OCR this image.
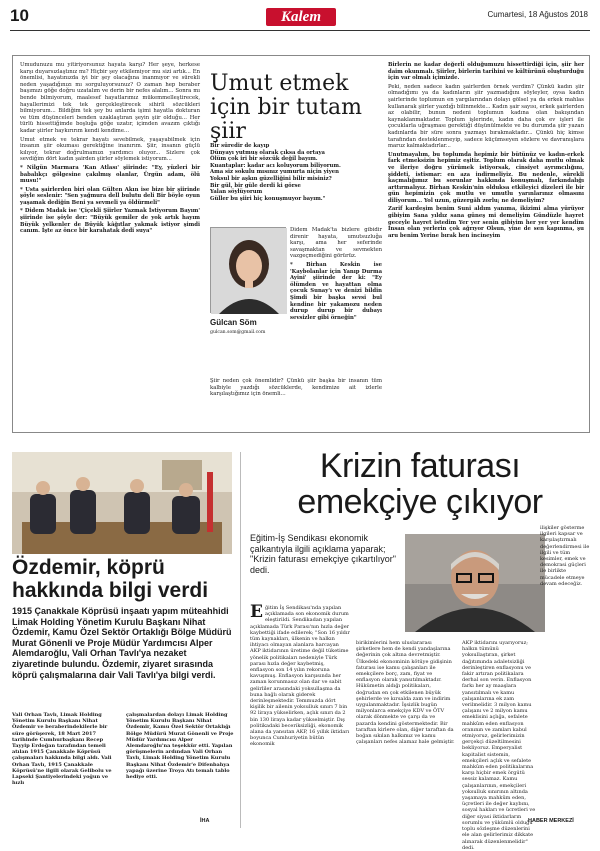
10	Kalem	Cumartesi, 18 Ağustos 2018

Umudunuzu mu yitiriyorsunuz hayata karşı? Her şeye, herkese karşı duyarsızlaştınız mı? Hiçbir şey etkilemiyor mu sizi artık... En önemlisi, hayatınızda iyi bir şey olacağına inanmıyor ve sürekli neden yaşadığınızı mı sorguluyorsunuz? O zaman hep beraber başımızı göğe doğru uzatalım ve derin bir nefes alalım... Sonra mı bende bilmiyorum, maalesef hayatlarımız mükemmelleştirecek, hayallerimizi tek tek gerçekleştirecek sihirli sözcükleri bilmiyorum... Bildiğim tek şey bu anlarda işimi hayatla dokturan ve tüm düşünceleri benden uzaklaştıran şeyin şiir olduğu... Her türlü hissettiğimde boşluğa göğe uzatır, içimden avazım çıktığı kadar şiirler haykırırım kendi kendime...

Umut etmek ve tekrar hayatı sevebilmek, yaşayabilmek için insanın şiir okuması gerektiğine inanırım. Şiir, insanın güçlü kılıyor, tekrar doğrulmamızı yardımcı oluyor... Sizlere çok sevdiğim dört kadın şairden şiirler söylemek istiyorum...

* Nilgün Marmara 'Kan Atlası' şiirinde: "Ey, yüzleri bir babalıkçı gölgesine çakılmış olanlar, Ürgün adam, ölü musu!"

* Usta şairlerden biri olan Gülten Akın ise bize bir şiirinde şöyle seslenir: "Sen yağmura dell bulutu deli Bir böyle oyun yaşamak dediğin Beni ya sevmeli ya öldürmeli"

* Didem Madak ise 'Çiçekli Şiirler Yazmak İstiyorum Bayım' şiirinde ise şöyle der: "Büyük gemiler de yok artık hayım Büyük yelkenler de Büyük kâğıtlar yakmak istiyor şimdi canım. İşte az önce bir karahatak dedi suya"

Umut etmek için bir tutam şiir
Bir süredir de kayıp
Dünyayı yutmuş olarak çıksa da ortaya
Ölüm çok iri bir sözcük değil bayım.
Kuantaplar: kadar acı koluyorum biliyorum.
Ama siz sokulu mısınız yumurta niçin yiyen
Yoksul bir aşkın güzelliğini bilir misiniz?
Bir gül, bir güle derdi ki görse
Yalan söylüyorum
Güller bu şiiri hiç konuşmuyor bayım."
Gülcan Söm
gulcan.som@gmail.com

Didem Madak'ta bizlere gibidir direnir hayata, umutsuzluğa karşı, ama her seferinde savaşmaktan ve sevmekten vazgeçmediğini görürüz.

* Birhan Keskin ise 'Kaybolanlar için Yanıp Durma Ayini' şiirinde der ki: "Ey ölümden ve hayattan olma çocuk Sunay'ı ve denizi bildin Şimdi bir başka sevsi bul kendine bir yakamozu neden durup durup bir dubayı sevsizler gibi örneğin"

Şiir neden çok önemlidir? Çünkü şiir başka bir insanın tüm kalbiyle yazdığı sözcüklerde, kendimize ait izlerle karşılaştığımız için önemli...

Birlerin ne kadar değerli olduğumuzu hissettirdiği için, şiir her daim okunmalı. Şiirler, birlerin tarihini ve kültürünü oluşturduğu için var olmalı içimizde.

Peki, neden sadece kadın şairlerden örnek verdim? Çünkü kadın şiir olmadığımı ya da kadınların şiir yazmadığını söyleyler, oysa kadın şairlerinde toplumun en yargılarından dolayı gölsel ya da erkek mahlas kullanarak şiirler yazdığı bilinmekte... Kadın şair sayısı, erkek şairlerden az olabilir, bunun nedeni toplumun kadına olan bakışından kaynaklanmaktadır. Toplum işlerinde, kadın daha çok ev işleri ile çocuklarla uğraşması gerektiği düşünülmekte ve bu durumda şiir yazan kadınlarda bir süre sonra yazmayı bırakmaktadır... Çünkü hiç kimse tarafından desteklenmeyip, sadece küçümseyen sözlere ve davranışlara maruz kalmaktadırlar...

Unutmayalım, bu toplumda hepimiz bir bütünüz ve kadın-erkek fark etmeksizin hepimiz eşitiz. Toplum olarak daha mutlu olmak ve ileriye doğru yürümek istiyorsak, cinsiyet ayrımcılığını, şiddeti, istismar: en aza indirmeliyiz. Bu nedenle, sürekli kaçmalığımız bu sorunlar hakkında konuşmalı, farkındalığı arttırmalıyız. Birhan Keskin'nin olduksa etkileyici dizeleri ile bir gün hepimizin çok mutlu ve umutlu yarınlarınız olmasını diliyorum... Yol uzun, güzergâh zorlu; ne demeliyim?

Zarif kardeşim benim Suni aldım yanıma, ikizimi alma yürüyor gibiyim Sana yıldız sana güneş mi demeliyim Gündüzle hayret geceyle hayret istedim Yer yer senin gibiyim her yer yer kendim İnsan olan yerlerin çok ağrıyor Olsun, yine de sen kapınma, şu aru benim Yerine bırak hen incineyim

Özdemir, köprü hakkında bilgi verdi
1915 Çanakkale Köprüsü inşaatı yapım müteahhidi Limak Holding Yönetim Kurulu Başkanı Nihat Özdemir, Kamu Özel Sektör Ortaklığı Bölge Müdürü Murat Gönenli ve Proje Müdür Yardımcısı Alper Alemdaroğlu, Vali Orhan Tavlı'ya nezaket ziyaretinde bulundu. Özdemir, ziyaret sırasında köprü çalışmalarına dair Vali Tavlı'ya bilgi verdi.
Vali Orhan Tavlı, Limak Holding Yönetim Kurulu Başkanı Nihat Özdemir ve beraberindekilerle bir süre görüşerek, 18 Mart 2017 tarihinde Cumhurbaşkanı Recep Tayyip Erdoğan tarafından temeli atılan 1915 Çanakkale Köprüsü çalışmaları hakkında bilgi aldı. Vali Orhan Tavlı, 1915 Çanakkale Köprüsü'ne ilgili olarak Gelibolu ve Lapseki Şantiyelerindeki yoğun ve hızlı
çalışmalardan dolayı Limak Holding Yönetim Kurulu Başkanı Nihat Özdemir, Kamu Özel Sektör Ortaklığı Bölge Müdürü Murat Gönenli ve Proje Müdür Yardımcısı Alper Alemdaroğlu'na teşekkür etti. Yapılan görüşmelerin ardından Vali Orhan Tavlı, Limak Holding Yönetim Kurulu Başkanı Nihat Özdemir'e Difenbahya yapağı üzerine Troya Atı temalı tablo hediye etti.
İHA
Krizin faturası emekçiye çıkıyor
Eğitim-İş Sendikası ekonomik çalkantıyla ilgili açıklama yaparak; "Krizin faturası emekçiye çıkartılıyor" dedi.
Eğitim İş Sendikası'nda yapılan açıklamada son ekonomik durum eleştirildi. Sendikadan yapılan açıklamada Türk Parası'nın hızla değer kaybettiği ifade edilerek; "Son 16 yıldır tüm kaynakları, ülkenin ve halkın ihtiyacı olmayan alanlara harcayan AKP iktidarının üretime değil tüketime yönelik politikaları nedeniyle Türk parası hızla değer kaybetmiş, enflasyon son 14 yılın rekoruna kavuşmuş. Enflasyon karşısında her zaman korunmasız olan dar ve sabit gelirliler arasındaki yoksullaşma da buna bağlı olarak giderek derinleşmektedir. Temmuzda dört kişilik bir ailenin yoksulluk sınırı 7 bin 92 liraya yükselirken, açlık sınırı da 2 bin 130 liraya kadar yükselmiştir. Dış politikadaki beceriksizliği, ekonomik alana da yansıtan AKP, 16 yıllık iktidarı boyunca Cumhuriyetin bütün ekonomik
birikimlerini hem uluslararası şirketlere hem de kendi yandaşlarına değerinin çok altına devretmiştir. Ülkedeki ekonominin kötüye gidişinin faturası ise kamu çalışanları ile emekçilere borç, zam, fiyat ve enflasyon olarak yansıtılmaktadır. Hükümetin aldığı politikaları, doğrudan en çok etkilenen büyük şehirlerde ve kırsalda zam ve indirim uygulanmaktadır. İşsizlik bugün milyonlarca emekçiye KDV ve ÖTV olarak dönmekte ve çarşı da ve pazarda kendini göstermektedir. Bir taraftan kirlere olan, diğer taraftan da boğan sıkılan halkımız ve kamu çalışanları nefes alamaz hale gelmiştir.
AKP iktidarını uyarıyoruz; halkın tümünü yoksullaştıran, şirket dağıtımında adaletsizliği derinleştiren enflasyonu ve fakir artıran politikalara derhal son verin. Enflasyon farkı her ay maaşlara yansıtılmalı ve kamu çalışanlarına ek zam verilmelidir. 3 milyon kamu çalışanı ve 2 milyon kamu emeklisini açlığa, sefalete mahkûm eden enflasyon oranının ve zamları kabul etmiyoruz, gelirlerimizin gerçekçi düzeltilmesini bekliyoruz. Emperyalist kapitalist sistemin, emekçileri açlık ve sefalete mahkûm eden politikalarına karşı hiçbir emek örgütü sessiz kalamaz. Kamu çalışanlarının, emekçileri yoksulluk sınırının altında yaşamaya mahkûm eden, üçretleri ile değer kaybını, sosyal hakları ve ücretleri ve diğer siyasi iktidarların sorumlu ve yükümlü olduğu toplu sözleşme düzenlerini ele alan gelirlerimiz dikkate alınarak düzenlenmelidir" dedi.
ilişkiler gösterme ilgileri kapsar ve karşılaştırmalı değerlendirmesi ile ilgili ve tüm kesimler, emek ve demokrasi güçleri ile birlikte mücadele etmeye devam edeceğiz.
HABER MERKEZİ
